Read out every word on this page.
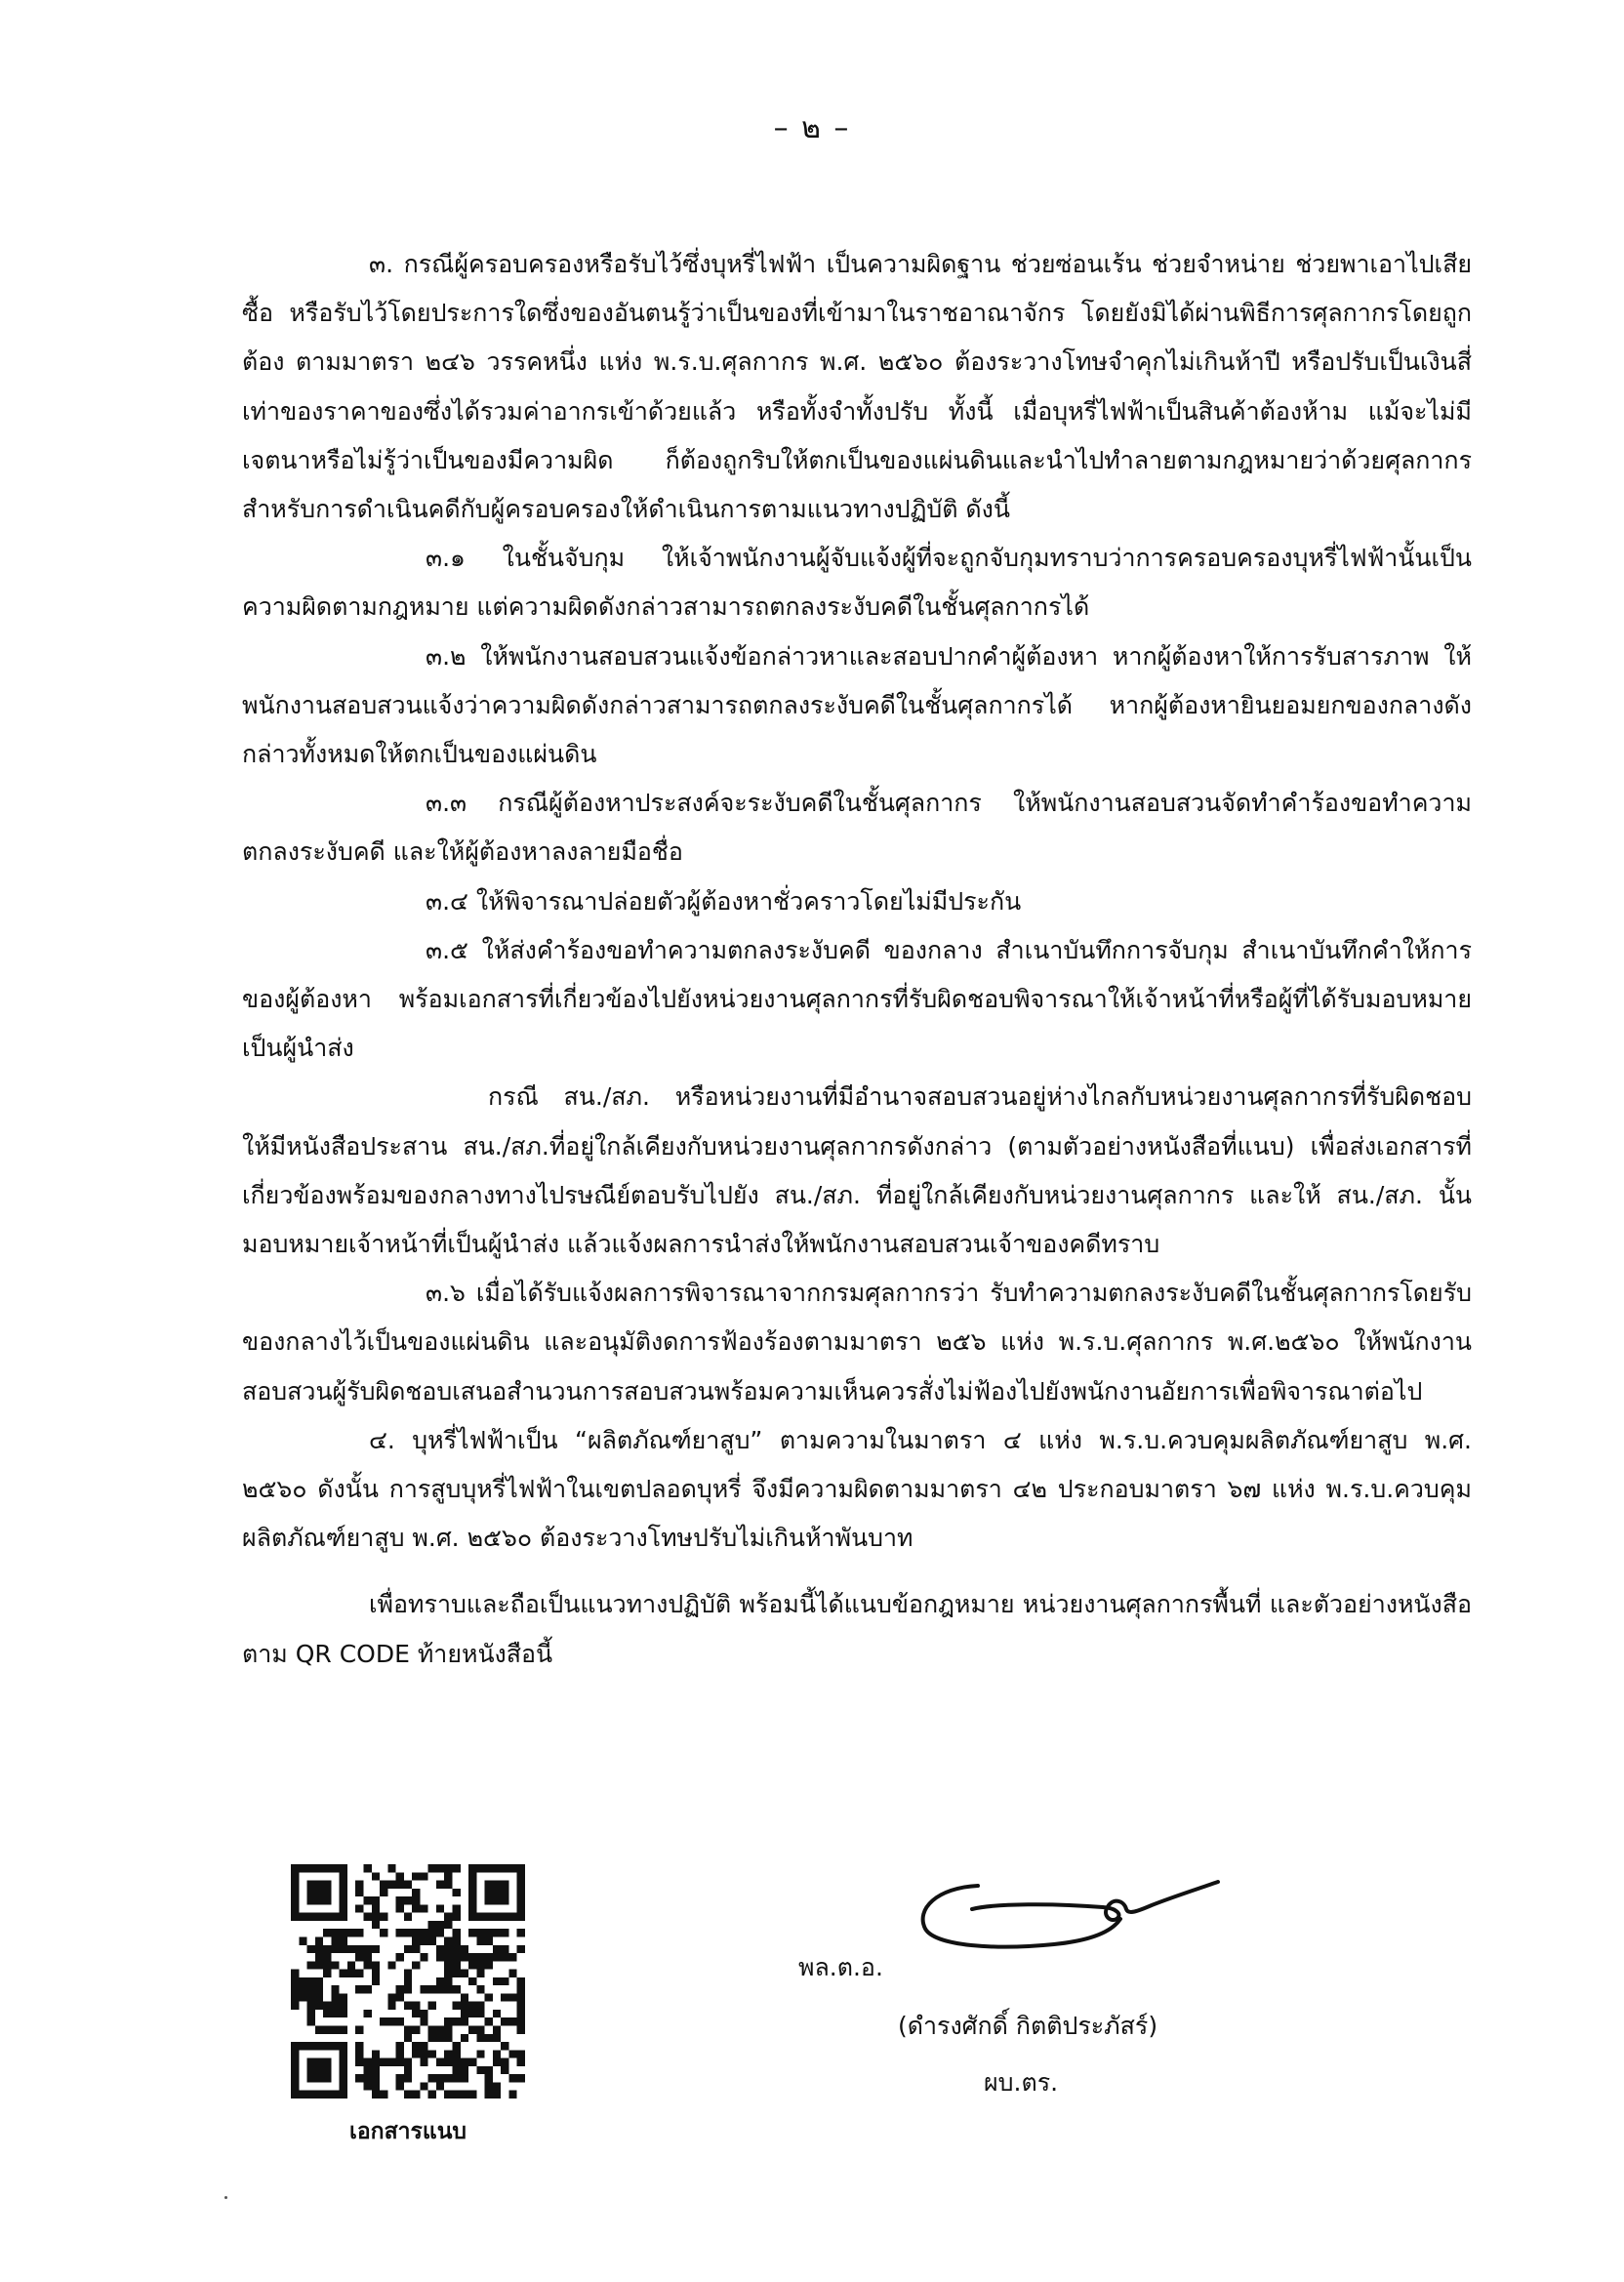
– ๒ –

๓. กรณีผู้ครอบครองหรือรับไว้ซึ่งบุหรี่ไฟฟ้า เป็นความผิดฐาน ช่วยซ่อนเร้น ช่วยจำหน่าย ช่วยพาเอาไปเสีย ซื้อ หรือรับไว้โดยประการใดซึ่งของอันตนรู้ว่าเป็นของที่เข้ามาในราชอาณาจักร โดยยังมิได้ผ่านพิธีการศุลกากรโดยถูกต้อง ตามมาตรา ๒๔๖ วรรคหนึ่ง แห่ง พ.ร.บ.ศุลกากร พ.ศ. ๒๕๖๐ ต้องระวางโทษจำคุกไม่เกินห้าปี หรือปรับเป็นเงินสี่เท่าของราคาของซึ่งได้รวมค่าอากรเข้าด้วยแล้ว หรือทั้งจำทั้งปรับ ทั้งนี้ เมื่อบุหรี่ไฟฟ้าเป็นสินค้าต้องห้าม แม้จะไม่มีเจตนาหรือไม่รู้ว่าเป็นของมีความผิด ก็ต้องถูกริบให้ตกเป็นของแผ่นดินและนำไปทำลายตามกฎหมายว่าด้วยศุลกากร สำหรับการดำเนินคดีกับผู้ครอบครองให้ดำเนินการตามแนวทางปฏิบัติ ดังนี้

๓.๑ ในชั้นจับกุม ให้เจ้าพนักงานผู้จับแจ้งผู้ที่จะถูกจับกุมทราบว่าการครอบครองบุหรี่ไฟฟ้านั้นเป็นความผิดตามกฎหมาย แต่ความผิดดังกล่าวสามารถตกลงระงับคดีในชั้นศุลกากรได้

๓.๒ ให้พนักงานสอบสวนแจ้งข้อกล่าวหาและสอบปากคำผู้ต้องหา หากผู้ต้องหาให้การรับสารภาพ ให้พนักงานสอบสวนแจ้งว่าความผิดดังกล่าวสามารถตกลงระงับคดีในชั้นศุลกากรได้ หากผู้ต้องหายินยอมยกของกลางดังกล่าวทั้งหมดให้ตกเป็นของแผ่นดิน

๓.๓ กรณีผู้ต้องหาประสงค์จะระงับคดีในชั้นศุลกากร ให้พนักงานสอบสวนจัดทำคำร้องขอทำความตกลงระงับคดี และให้ผู้ต้องหาลงลายมือชื่อ

๓.๔ ให้พิจารณาปล่อยตัวผู้ต้องหาชั่วคราวโดยไม่มีประกัน

๓.๕ ให้ส่งคำร้องขอทำความตกลงระงับคดี ของกลาง สำเนาบันทึกการจับกุม สำเนาบันทึกคำให้การของผู้ต้องหา พร้อมเอกสารที่เกี่ยวข้องไปยังหน่วยงานศุลกากรที่รับผิดชอบพิจารณาให้เจ้าหน้าที่หรือผู้ที่ได้รับมอบหมายเป็นผู้นำส่ง

กรณี สน./สภ. หรือหน่วยงานที่มีอำนาจสอบสวนอยู่ห่างไกลกับหน่วยงานศุลกากรที่รับผิดชอบ ให้มีหนังสือประสาน สน./สภ.ที่อยู่ใกล้เคียงกับหน่วยงานศุลกากรดังกล่าว (ตามตัวอย่างหนังสือที่แนบ) เพื่อส่งเอกสารที่เกี่ยวข้องพร้อมของกลางทางไปรษณีย์ตอบรับไปยัง สน./สภ. ที่อยู่ใกล้เคียงกับหน่วยงานศุลกากร และให้ สน./สภ. นั้น มอบหมายเจ้าหน้าที่เป็นผู้นำส่ง แล้วแจ้งผลการนำส่งให้พนักงานสอบสวนเจ้าของคดีทราบ

๓.๖ เมื่อได้รับแจ้งผลการพิจารณาจากกรมศุลกากรว่า รับทำความตกลงระงับคดีในชั้นศุลกากรโดยรับของกลางไว้เป็นของแผ่นดิน และอนุมัติงดการฟ้องร้องตามมาตรา ๒๕๖ แห่ง พ.ร.บ.ศุลกากร พ.ศ.๒๕๖๐ ให้พนักงานสอบสวนผู้รับผิดชอบเสนอสำนวนการสอบสวนพร้อมความเห็นควรสั่งไม่ฟ้องไปยังพนักงานอัยการเพื่อพิจารณาต่อไป

๔. บุหรี่ไฟฟ้าเป็น “ผลิตภัณฑ์ยาสูบ” ตามความในมาตรา ๔ แห่ง พ.ร.บ.ควบคุมผลิตภัณฑ์ยาสูบ พ.ศ. ๒๕๖๐ ดังนั้น การสูบบุหรี่ไฟฟ้าในเขตปลอดบุหรี่ จึงมีความผิดตามมาตรา ๔๒ ประกอบมาตรา ๖๗ แห่ง พ.ร.บ.ควบคุมผลิตภัณฑ์ยาสูบ พ.ศ. ๒๕๖๐ ต้องระวางโทษปรับไม่เกินห้าพันบาท

เพื่อทราบและถือเป็นแนวทางปฏิบัติ พร้อมนี้ได้แนบข้อกฎหมาย หน่วยงานศุลกากรพื้นที่ และตัวอย่างหนังสือตาม QR CODE ท้ายหนังสือนี้

เอกสารแนบ
พล.ต.อ.
(ดำรงศักดิ์ กิตติประภัสร์)
ผบ.ตร.
